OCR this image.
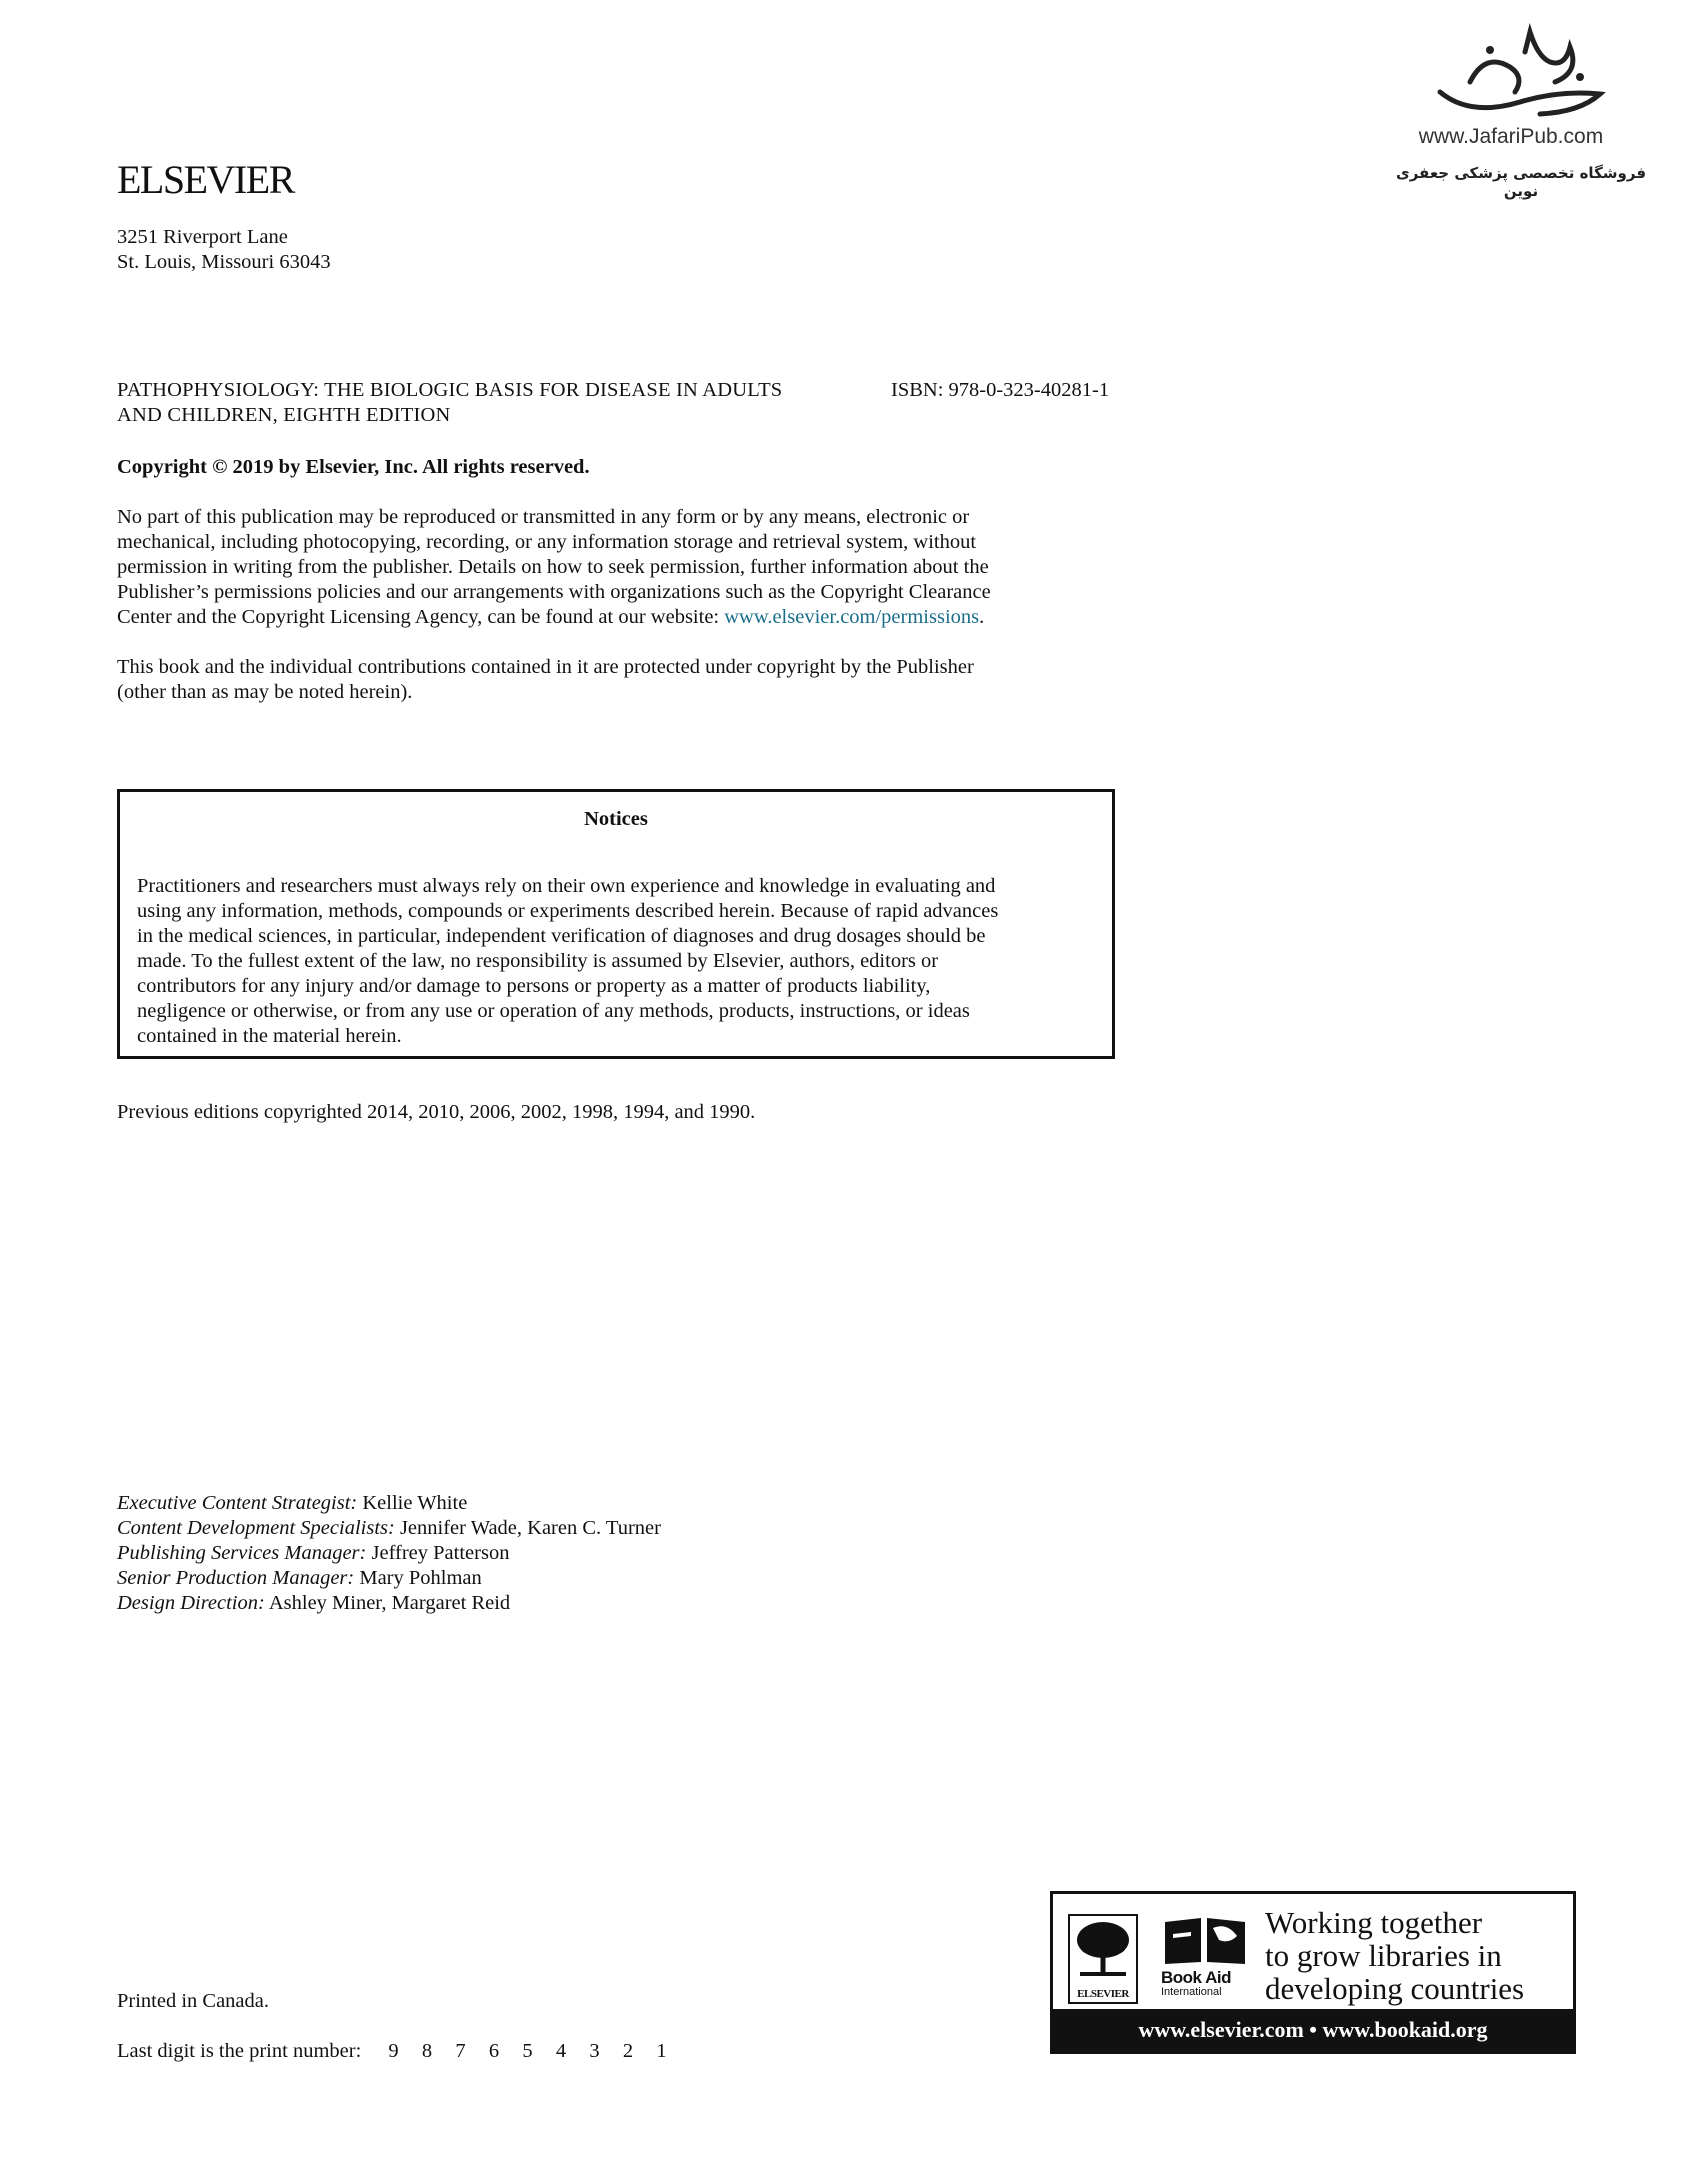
www.JafariPub.com
فروشگاه تخصصی پزشکی جعفری نوین
ELSEVIER
3251 Riverport Lane
St. Louis, Missouri 63043
PATHOPHYSIOLOGY: THE BIOLOGIC BASIS FOR DISEASE IN ADULTS
AND CHILDREN, EIGHTH EDITION
ISBN: 978-0-323-40281-1
Copyright © 2019 by Elsevier, Inc. All rights reserved.
No part of this publication may be reproduced or transmitted in any form or by any means, electronic or
mechanical, including photocopying, recording, or any information storage and retrieval system, without
permission in writing from the publisher. Details on how to seek permission, further information about the
Publisher’s permissions policies and our arrangements with organizations such as the Copyright Clearance
Center and the Copyright Licensing Agency, can be found at our website: www.elsevier.com/permissions.
This book and the individual contributions contained in it are protected under copyright by the Publisher
(other than as may be noted herein).
Notices
Practitioners and researchers must always rely on their own experience and knowledge in evaluating and
using any information, methods, compounds or experiments described herein. Because of rapid advances
in the medical sciences, in particular, independent verification of diagnoses and drug dosages should be
made. To the fullest extent of the law, no responsibility is assumed by Elsevier, authors, editors or
contributors for any injury and/or damage to persons or property as a matter of products liability,
negligence or otherwise, or from any use or operation of any methods, products, instructions, or ideas
contained in the material herein.
Previous editions copyrighted 2014, 2010, 2006, 2002, 1998, 1994, and 1990.
Executive Content Strategist: Kellie White
Content Development Specialists: Jennifer Wade, Karen C. Turner
Publishing Services Manager: Jeffrey Patterson
Senior Production Manager: Mary Pohlman
Design Direction: Ashley Miner, Margaret Reid
Printed in Canada.
Last digit is the print number: 9 8 7 6 5 4 3 2 1
ELSEVIER
Book Aid
International
Working together
to grow libraries in
developing countries
www.elsevier.com • www.bookaid.org
